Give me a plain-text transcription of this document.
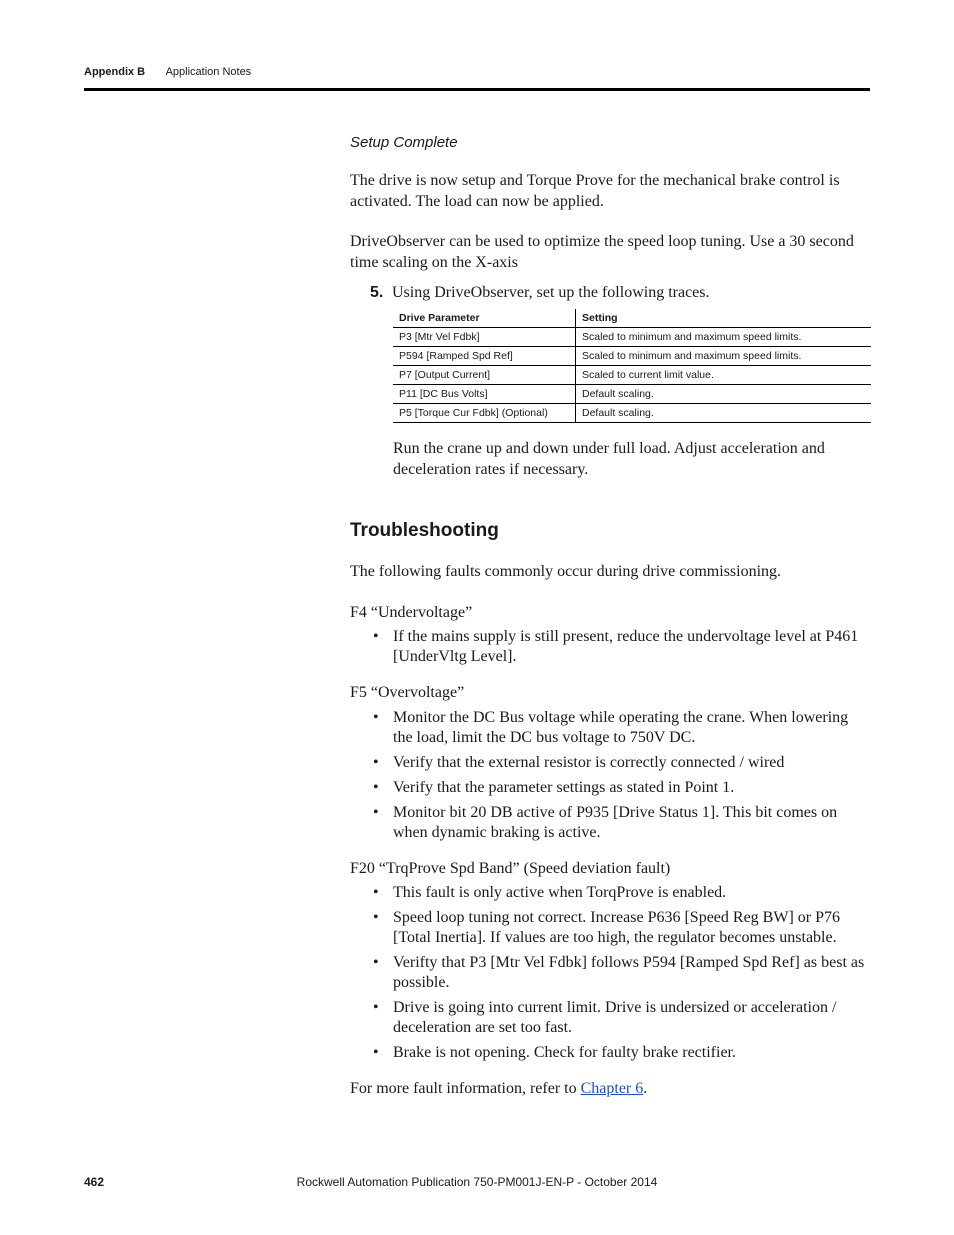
Appendix B Application Notes

Setup Complete

The drive is now setup and Torque Prove for the mechanical brake control is activated. The load can now be applied.

DriveObserver can be used to optimize the speed loop tuning. Use a 30 second time scaling on the X-axis

5. Using DriveObserver, set up the following traces.
Drive Parameter	Setting
P3 [Mtr Vel Fdbk]	Scaled to minimum and maximum speed limits.
P594 [Ramped Spd Ref]	Scaled to minimum and maximum speed limits.
P7 [Output Current]	Scaled to current limit value.
P11 [DC Bus Volts]	Default scaling.
P5 [Torque Cur Fdbk] (Optional)	Default scaling.

Run the crane up and down under full load. Adjust acceleration and deceleration rates if necessary.

Troubleshooting

The following faults commonly occur during drive commissioning.

F4 “Undervoltage”

• If the mains supply is still present, reduce the undervoltage level at P461 [UnderVltg Level].

F5 “Overvoltage”

• Monitor the DC Bus voltage while operating the crane. When lowering the load, limit the DC bus voltage to 750V DC.
• Verify that the external resistor is correctly connected / wired
• Verify that the parameter settings as stated in Point 1.
• Monitor bit 20 DB active of P935 [Drive Status 1]. This bit comes on when dynamic braking is active.

F20 “TrqProve Spd Band” (Speed deviation fault)

• This fault is only active when TorqProve is enabled.
• Speed loop tuning not correct. Increase P636 [Speed Reg BW] or P76 [Total Inertia]. If values are too high, the regulator becomes unstable.
• Verifty that P3 [Mtr Vel Fdbk] follows P594 [Ramped Spd Ref] as best as possible.
• Drive is going into current limit. Drive is undersized or acceleration / deceleration are set too fast.
• Brake is not opening. Check for faulty brake rectifier.

For more fault information, refer to Chapter 6.

462	Rockwell Automation Publication 750-PM001J-EN-P - October 2014
